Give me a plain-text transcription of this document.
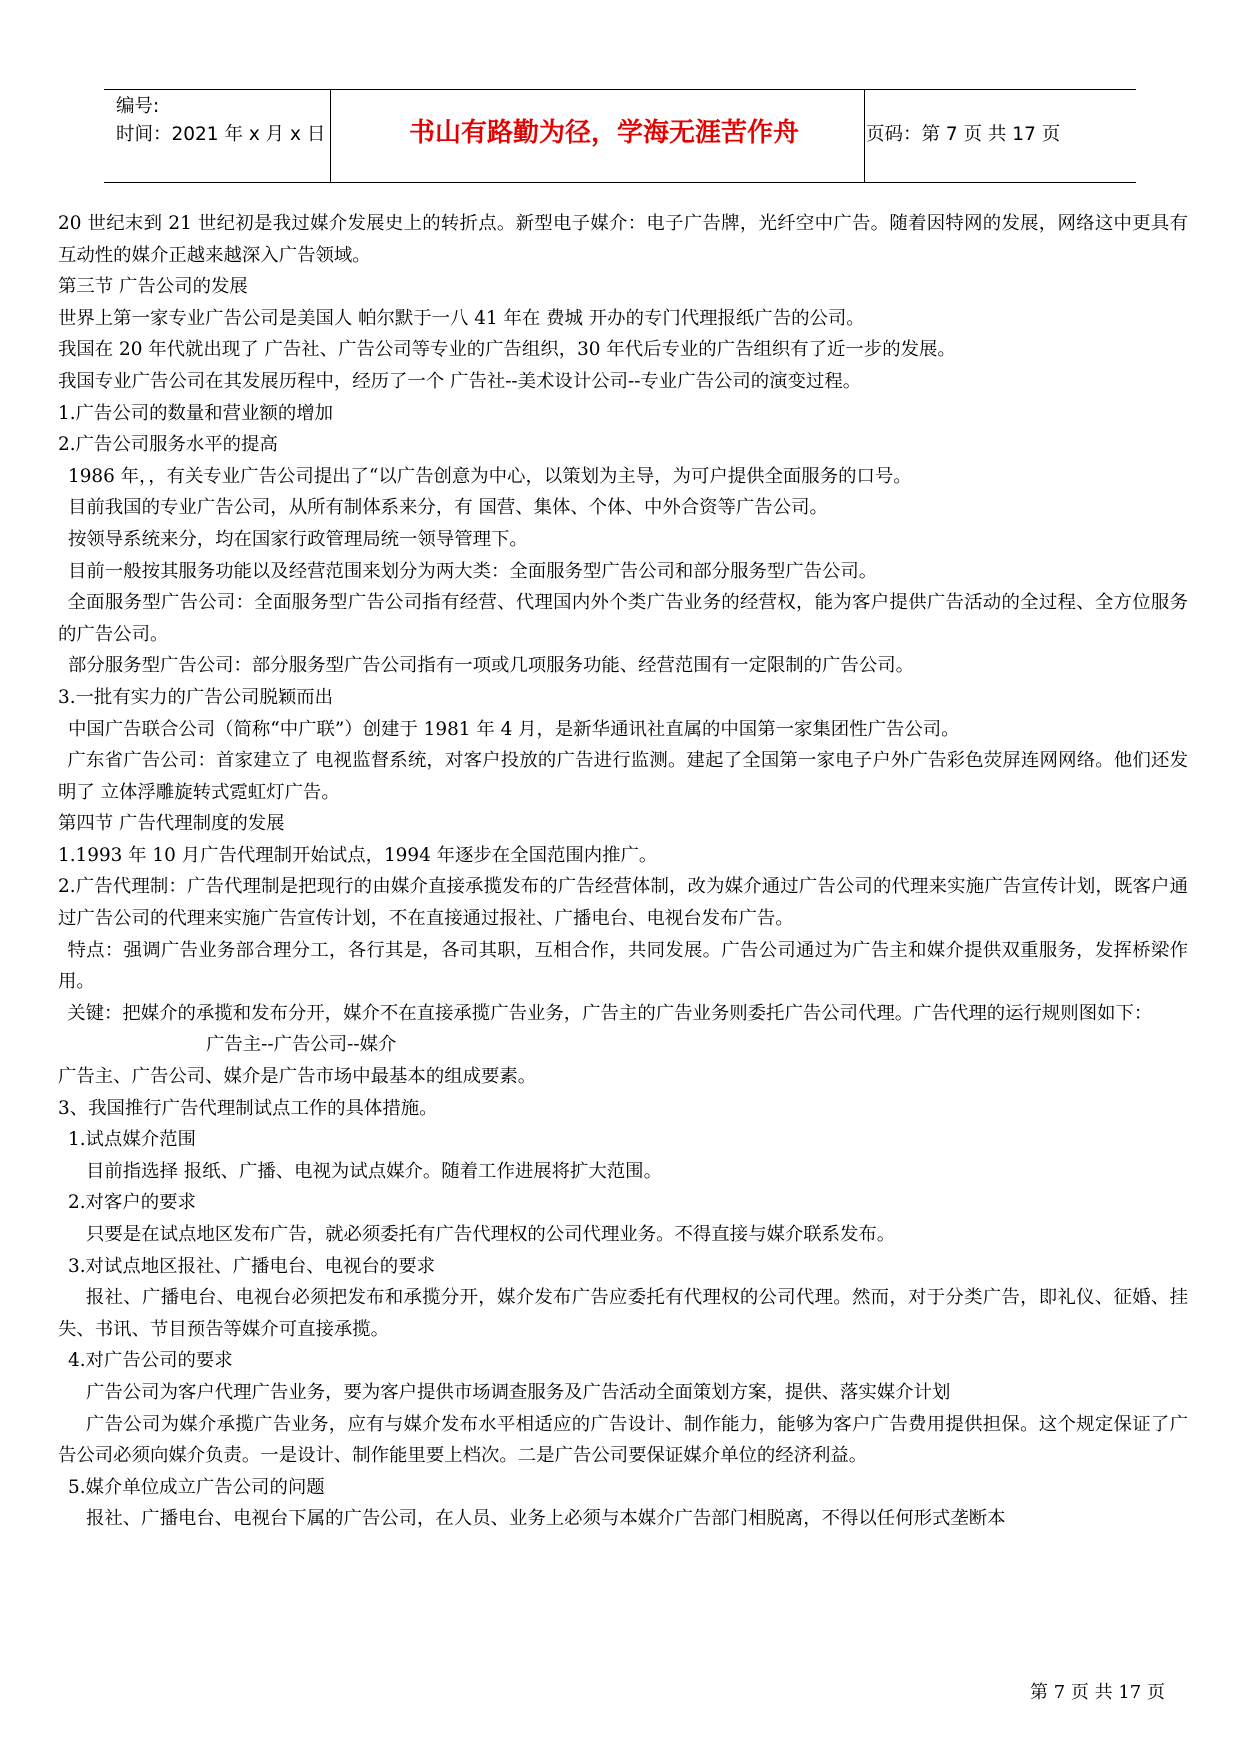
编号:
时间：2021 年 x 月 x 日	书山有路勤为径，学海无涯苦作舟	页码：第 7 页 共 17 页

20 世纪末到 21 世纪初是我过媒介发展史上的转折点。新型电子媒介：电子广告牌，光纤空中广告。随着因特网的发展，网络这中更具有互动性的媒介正越来越深入广告领域。

第三节 广告公司的发展

世界上第一家专业广告公司是美国人 帕尔默于一八 41 年在 费城 开办的专门代理报纸广告的公司。

我国在 20 年代就出现了 广告社、广告公司等专业的广告组织，30 年代后专业的广告组织有了近一步的发展。

我国专业广告公司在其发展历程中，经历了一个 广告社--美术设计公司--专业广告公司的演变过程。

1.广告公司的数量和营业额的增加

2.广告公司服务水平的提高

1986 年，，有关专业广告公司提出了“以广告创意为中心，以策划为主导，为可户提供全面服务的口号。

目前我国的专业广告公司，从所有制体系来分，有 国营、集体、个体、中外合资等广告公司。

按领导系统来分，均在国家行政管理局统一领导管理下。

目前一般按其服务功能以及经营范围来划分为两大类：全面服务型广告公司和部分服务型广告公司。

 全面服务型广告公司：全面服务型广告公司指有经营、代理国内外个类广告业务的经营权，能为客户提供广告活动的全过程、全方位服务的广告公司。

部分服务型广告公司：部分服务型广告公司指有一项或几项服务功能、经营范围有一定限制的广告公司。

3.一批有实力的广告公司脱颖而出

中国广告联合公司（简称“中广联”）创建于 1981 年 4 月，是新华通讯社直属的中国第一家集团性广告公司。

 广东省广告公司：首家建立了 电视监督系统，对客户投放的广告进行监测。建起了全国第一家电子户外广告彩色荧屏连网网络。他们还发明了 立体浮雕旋转式霓虹灯广告。

第四节 广告代理制度的发展

1.1993 年 10 月广告代理制开始试点，1994 年逐步在全国范围内推广。

2.广告代理制：广告代理制是把现行的由媒介直接承揽发布的广告经营体制，改为媒介通过广告公司的代理来实施广告宣传计划，既客户通过广告公司的代理来实施广告宣传计划，不在直接通过报社、广播电台、电视台发布广告。

 特点：强调广告业务部合理分工，各行其是，各司其职，互相合作，共同发展。广告公司通过为广告主和媒介提供双重服务，发挥桥梁作用。

 关键：把媒介的承揽和发布分开，媒介不在直接承揽广告业务，广告主的广告业务则委托广告公司代理。广告代理的运行规则图如下：

广告主--广告公司--媒介

广告主、广告公司、媒介是广告市场中最基本的组成要素。

3、我国推行广告代理制试点工作的具体措施。

1.试点媒介范围

目前指选择 报纸、广播、电视为试点媒介。随着工作进展将扩大范围。

2.对客户的要求

只要是在试点地区发布广告，就必须委托有广告代理权的公司代理业务。不得直接与媒介联系发布。

3.对试点地区报社、广播电台、电视台的要求

  报社、广播电台、电视台必须把发布和承揽分开，媒介发布广告应委托有代理权的公司代理。然而，对于分类广告，即礼仪、征婚、挂失、书讯、节目预告等媒介可直接承揽。

4.对广告公司的要求

广告公司为客户代理广告业务，要为客户提供市场调查服务及广告活动全面策划方案，提供、落实媒介计划

  广告公司为媒介承揽广告业务，应有与媒介发布水平相适应的广告设计、制作能力，能够为客户广告费用提供担保。这个规定保证了广告公司必须向媒介负责。一是设计、制作能里要上档次。二是广告公司要保证媒介单位的经济利益。

5.媒介单位成立广告公司的问题

报社、广播电台、电视台下属的广告公司，在人员、业务上必须与本媒介广告部门相脱离，不得以任何形式垄断本

第 7 页 共 17 页
